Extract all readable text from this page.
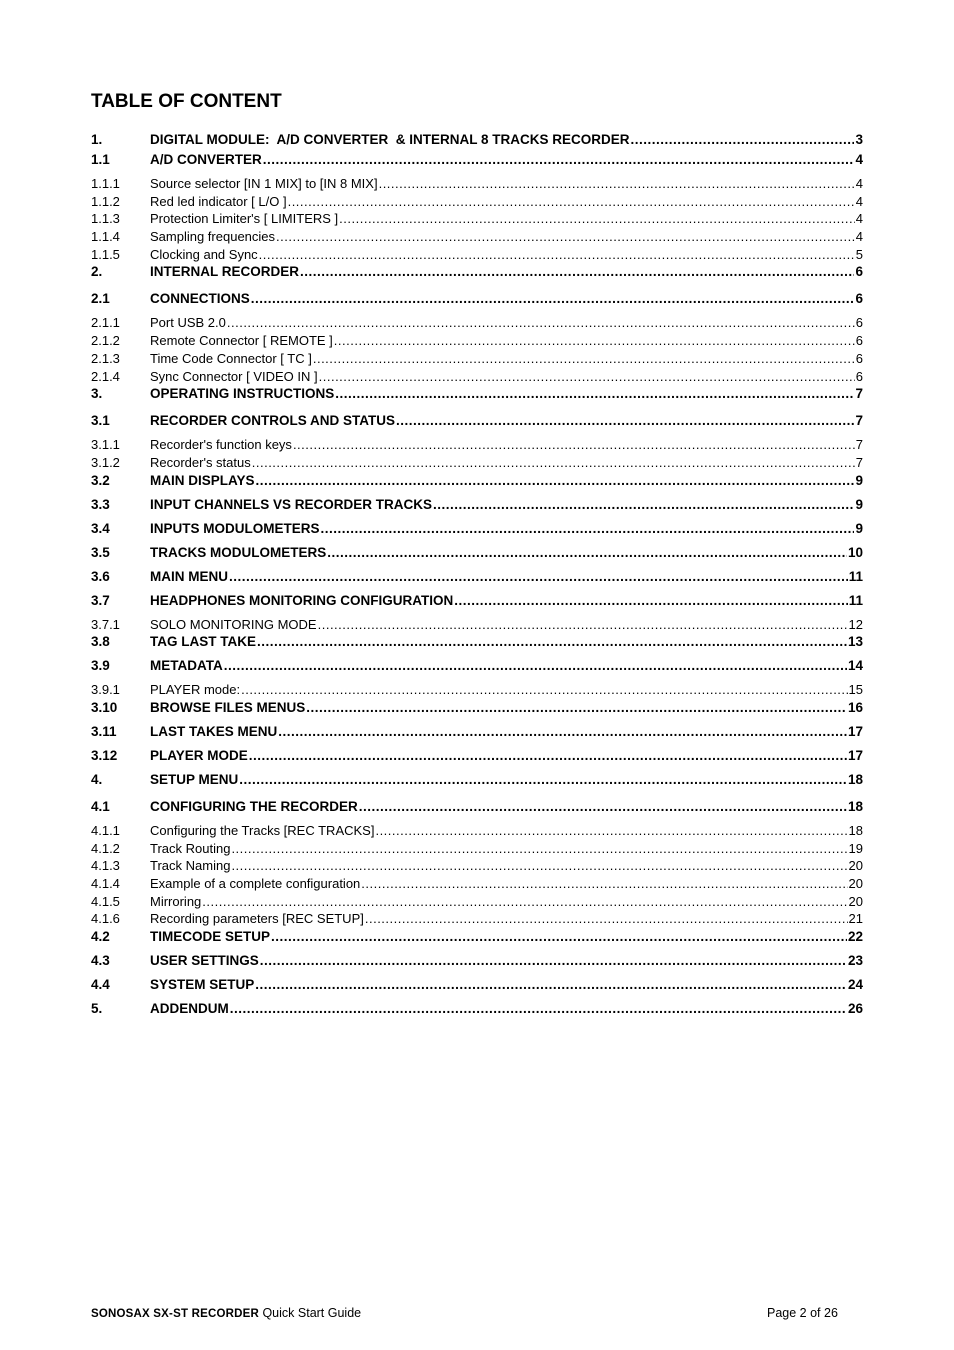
TABLE OF CONTENT
1.	DIGITAL MODULE:  A/D CONVERTER  & INTERNAL 8 TRACKS RECORDER .....	3
1.1	A/D CONVERTER .....	4
1.1.1	Source selector [IN 1 MIX] to [IN 8 MIX] .....	4
1.1.2	Red led indicator [ L/O ] .....	4
1.1.3	Protection Limiter's [ LIMITERS ] .....	4
1.1.4	Sampling frequencies .....	4
1.1.5	Clocking and Sync .....	5
2.	INTERNAL RECORDER .....	6
2.1	CONNECTIONS .....	6
2.1.1	Port USB 2.0 .....	6
2.1.2	Remote Connector [ REMOTE ] .....	6
2.1.3	Time Code Connector [ TC ] .....	6
2.1.4	Sync Connector [ VIDEO IN ] .....	6
3.	OPERATING INSTRUCTIONS .....	7
3.1	RECORDER CONTROLS AND STATUS .....	7
3.1.1	Recorder's function keys .....	7
3.1.2	Recorder's status .....	7
3.2	MAIN DISPLAYS .....	9
3.3	INPUT CHANNELS VS RECORDER TRACKS .....	9
3.4	INPUTS MODULOMETERS .....	9
3.5	TRACKS MODULOMETERS .....	10
3.6	MAIN MENU .....	11
3.7	HEADPHONES MONITORING CONFIGURATION .....	11
3.7.1	SOLO MONITORING MODE .....	12
3.8	TAG LAST TAKE .....	13
3.9	METADATA .....	14
3.9.1	PLAYER mode: .....	15
3.10	BROWSE FILES MENUS .....	16
3.11	LAST TAKES MENU .....	17
3.12	PLAYER MODE .....	17
4.	SETUP MENU .....	18
4.1	CONFIGURING THE RECORDER .....	18
4.1.1	Configuring the Tracks [REC TRACKS] .....	18
4.1.2	Track Routing .....	19
4.1.3	Track Naming .....	20
4.1.4	Example of a complete configuration .....	20
4.1.5	Mirroring .....	20
4.1.6	Recording parameters [REC SETUP] .....	21
4.2	TIMECODE SETUP .....	22
4.3	USER SETTINGS .....	23
4.4	SYSTEM SETUP .....	24
5.	ADDENDUM .....	26
SONOSAX SX-ST RECORDER Quick Start Guide	Page 2 of 26
